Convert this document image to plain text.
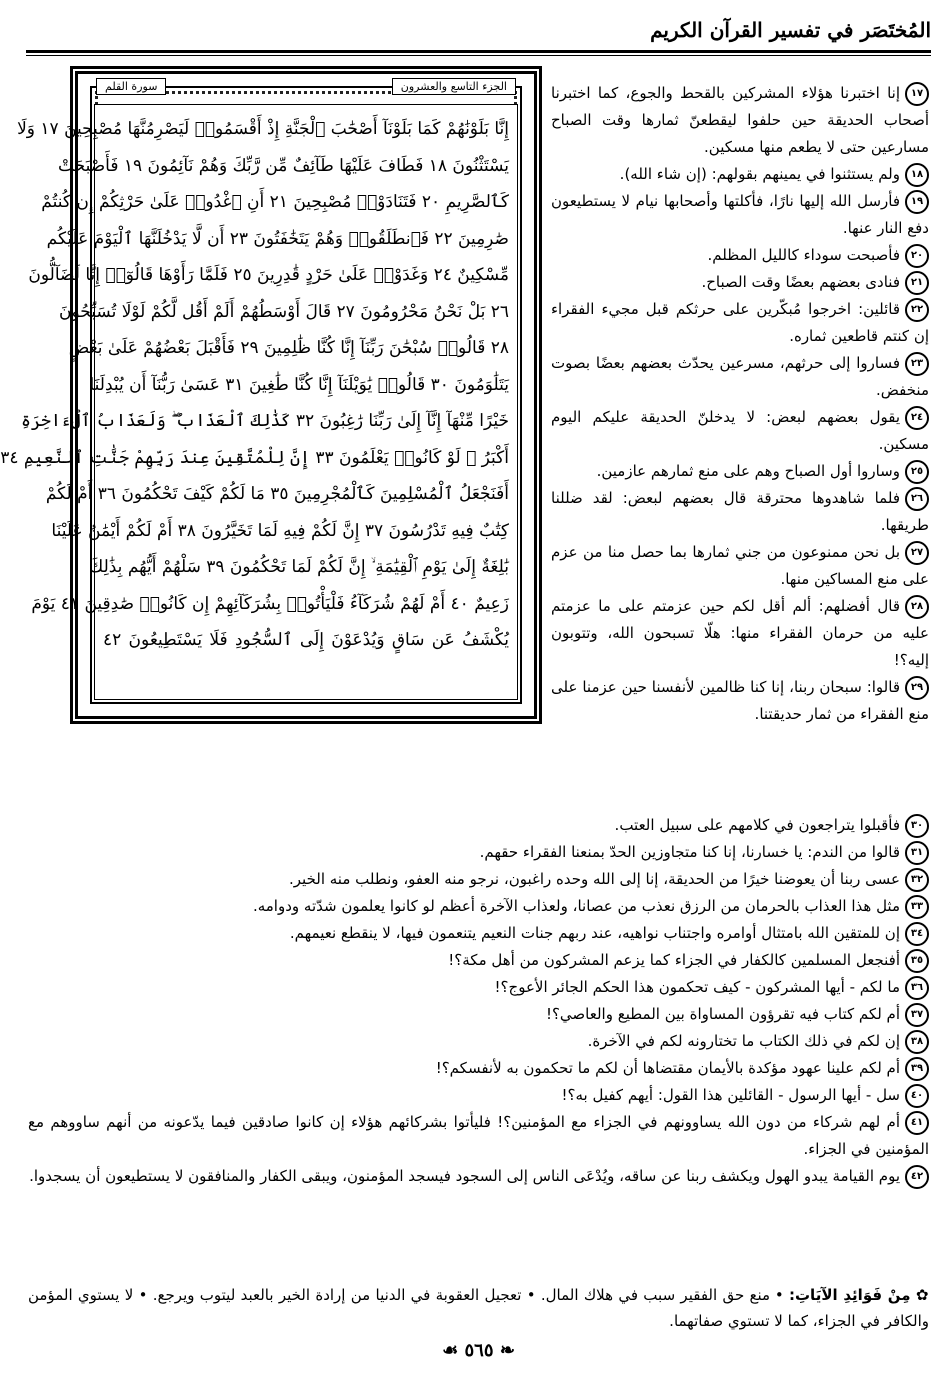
المُختَصَر في تفسير القرآن الكريم
الجزء التاسع والعشرون
سورة القلم
إِنَّا بَلَوْنَٰهُمْ كَمَا بَلَوْنَآ أَصْحَٰبَ ٱلْجَنَّةِ إِذْ أَقْسَمُوا۟ لَيَصْرِمُنَّهَا مُصْبِحِينَ ١٧ وَلَا
يَسْتَثْنُونَ ١٨ فَطَافَ عَلَيْهَا طَآئِفٌ مِّن رَّبِّكَ وَهُمْ نَآئِمُونَ ١٩ فَأَصْبَحَتْ
كَٱلصَّرِيمِ ٢٠ فَتَنَادَوْا۟ مُصْبِحِينَ ٢١ أَنِ ٱغْدُوا۟ عَلَىٰ حَرْثِكُمْ إِن كُنتُمْ
صَٰرِمِينَ ٢٢ فَٱنطَلَقُوا۟ وَهُمْ يَتَخَٰفَتُونَ ٢٣ أَن لَّا يَدْخُلَنَّهَا ٱلْيَوْمَ عَلَيْكُم
مِّسْكِينٌ ٢٤ وَغَدَوْا۟ عَلَىٰ حَرْدٍ قَٰدِرِينَ ٢٥ فَلَمَّا رَأَوْهَا قَالُوٓا۟ إِنَّا لَضَآلُّونَ
٢٦ بَلْ نَحْنُ مَحْرُومُونَ ٢٧ قَالَ أَوْسَطُهُمْ أَلَمْ أَقُل لَّكُمْ لَوْلَا تُسَبِّحُونَ
٢٨ قَالُوا۟ سُبْحَٰنَ رَبِّنَآ إِنَّا كُنَّا ظَٰلِمِينَ ٢٩ فَأَقْبَلَ بَعْضُهُمْ عَلَىٰ بَعْضٍ
يَتَلَٰوَمُونَ ٣٠ قَالُوا۟ يَٰوَيْلَنَآ إِنَّا كُنَّا طَٰغِينَ ٣١ عَسَىٰ رَبُّنَآ أَن يُبْدِلَنَا
خَيْرًا مِّنْهَآ إِنَّآ إِلَىٰ رَبِّنَا رَٰغِبُونَ ٣٢ كَذَٰلِكَ ٱلْعَذَابُ ۖ وَلَعَذَابُ ٱلْءَاخِرَةِ
أَكْبَرُ ۚ لَوْ كَانُوا۟ يَعْلَمُونَ ٣٣ إِنَّ لِلْمُتَّقِينَ عِندَ رَبِّهِمْ جَنَّٰتِ ٱلنَّعِيمِ ٣٤
أَفَنَجْعَلُ ٱلْمُسْلِمِينَ كَٱلْمُجْرِمِينَ ٣٥ مَا لَكُمْ كَيْفَ تَحْكُمُونَ ٣٦ أَمْ لَكُمْ
كِتَٰبٌ فِيهِ تَدْرُسُونَ ٣٧ إِنَّ لَكُمْ فِيهِ لَمَا تَخَيَّرُونَ ٣٨ أَمْ لَكُمْ أَيْمَٰنٌ عَلَيْنَا
بَٰلِغَةٌ إِلَىٰ يَوْمِ ٱلْقِيَٰمَةِ ۙ إِنَّ لَكُمْ لَمَا تَحْكُمُونَ ٣٩ سَلْهُمْ أَيُّهُم بِذَٰلِكَ
زَعِيمٌ ٤٠ أَمْ لَهُمْ شُرَكَآءُ فَلْيَأْتُوا۟ بِشُرَكَآئِهِمْ إِن كَانُوا۟ صَٰدِقِينَ ٤١ يَوْمَ
يُكْشَفُ عَن سَاقٍ وَيُدْعَوْنَ إِلَى ٱلسُّجُودِ فَلَا يَسْتَطِيعُونَ ٤٢

١٧إنا اختبرنا هؤلاء المشركين بالقحط والجوع، كما اختبرنا أصحاب الحديقة حين حلفوا ليقطعنّ ثمارها وقت الصباح مسارعين حتى لا يطعم منها مسكين.

١٨ولم يستثنوا في يمينهم بقولهم: (إن شاء الله).

١٩فأرسل الله إليها نارًا، فأكلتها وأصحابها نيام لا يستطيعون دفع النار عنها.

٢٠فأصبحت سوداء كالليل المظلم.

٢١فنادى بعضهم بعضًا وقت الصباح.

٢٢قائلين: اخرجوا مُبكّرين على حرثكم قبل مجيء الفقراء إن كنتم قاطعين ثماره.

٢٣فساروا إلى حرثهم، مسرعين يحدّث بعضهم بعضًا بصوت منخفض.

٢٤يقول بعضهم لبعض: لا يدخلنّ الحديقة عليكم اليوم مسكين.

٢٥وساروا أول الصباح وهم على منع ثمارهم عازمين.

٢٦فلما شاهدوها محترقة قال بعضهم لبعض: لقد ضللنا طريقها.

٢٧بل نحن ممنوعون من جني ثمارها بما حصل منا من عزم على منع المساكين منها.

٢٨قال أفضلهم: ألم أقل لكم حين عزمتم على ما عزمتم عليه من حرمان الفقراء منها: هلّا تسبحون الله، وتتوبون إليه؟!

٢٩قالوا: سبحان ربنا، إنا كنا ظالمين لأنفسنا حين عزمنا على منع الفقراء من ثمار حديقتنا.

٣٠فأقبلوا يتراجعون في كلامهم على سبيل العتب.

٣١قالوا من الندم: يا خسارنا، إنا كنا متجاوزين الحدّ بمنعنا الفقراء حقهم.

٣٢عسى ربنا أن يعوضنا خيرًا من الحديقة، إنا إلى الله وحده راغبون، نرجو منه العفو، ونطلب منه الخير.

٣٣مثل هذا العذاب بالحرمان من الرزق نعذب من عصانا، ولعذاب الآخرة أعظم لو كانوا يعلمون شدّته ودوامه.

٣٤إن للمتقين الله بامتثال أوامره واجتناب نواهيه، عند ربهم جنات النعيم يتنعمون فيها، لا ينقطع نعيمهم.

٣٥أفنجعل المسلمين كالكفار في الجزاء كما يزعم المشركون من أهل مكة؟!

٣٦ما لكم - أيها المشركون - كيف تحكمون هذا الحكم الجائر الأعوج؟!

٣٧أم لكم كتاب فيه تقرؤون المساواة بين المطيع والعاصي؟!

٣٨إن لكم في ذلك الكتاب ما تختارونه لكم في الآخرة.

٣٩أم لكم علينا عهود مؤكدة بالأيمان مقتضاها أن لكم ما تحكمون به لأنفسكم؟!

٤٠سل - أيها الرسول - القائلين هذا القول: أيهم كفيل به؟!

٤١أم لهم شركاء من دون الله يساوونهم في الجزاء مع المؤمنين؟! فليأتوا بشركائهم هؤلاء إن كانوا صادقين فيما يدّعونه من أنهم ساووهم مع المؤمنين في الجزاء.

٤٢يوم القيامة يبدو الهول ويكشف ربنا عن ساقه، ويُدْعَى الناس إلى السجود فيسجد المؤمنون، ويبقى الكفار والمنافقون لا يستطيعون أن يسجدوا.

✿ مِنْ فَوَائِدِ الآيَاتِ: • منع حق الفقير سبب في هلاك المال. • تعجيل العقوبة في الدنيا من إرادة الخير بالعبد ليتوب ويرجع. • لا يستوي المؤمن والكافر في الجزاء، كما لا تستوي صفاتهما.
❧ ٥٦٥ ☙
